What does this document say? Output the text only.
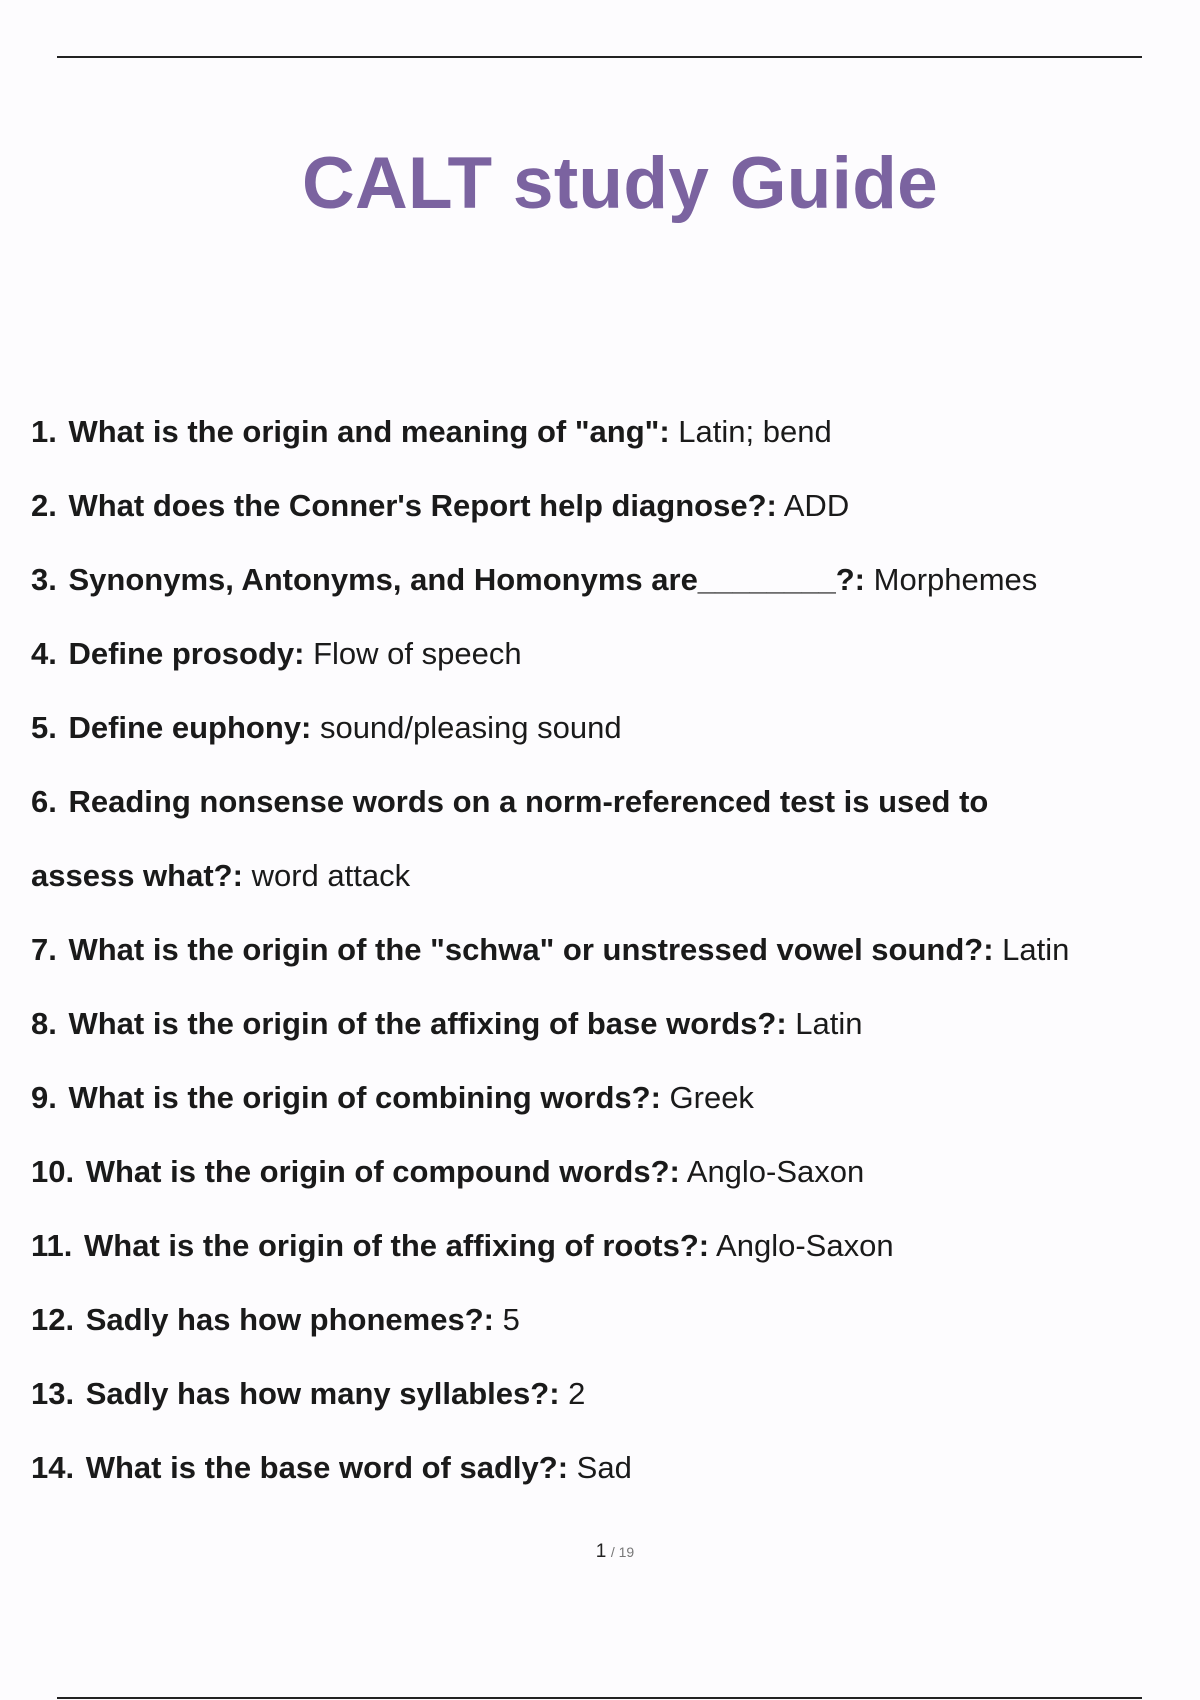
CALT study Guide
1. What is the origin and meaning of "ang": Latin; bend
2. What does the Conner's Report help diagnose?: ADD
3. Synonyms, Antonyms, and Homonyms are________?: Morphemes
4. Define prosody: Flow of speech
5. Define euphony: sound/pleasing sound
6. Reading nonsense words on a norm-referenced test is used to assess what?: word attack
7. What is the origin of the "schwa" or unstressed vowel sound?: Latin
8. What is the origin of the affixing of base words?: Latin
9. What is the origin of combining words?: Greek
10. What is the origin of compound words?: Anglo-Saxon
11. What is the origin of the affixing of roots?: Anglo-Saxon
12. Sadly has how phonemes?: 5
13. Sadly has how many syllables?: 2
14. What is the base word of sadly?: Sad
1 / 19
